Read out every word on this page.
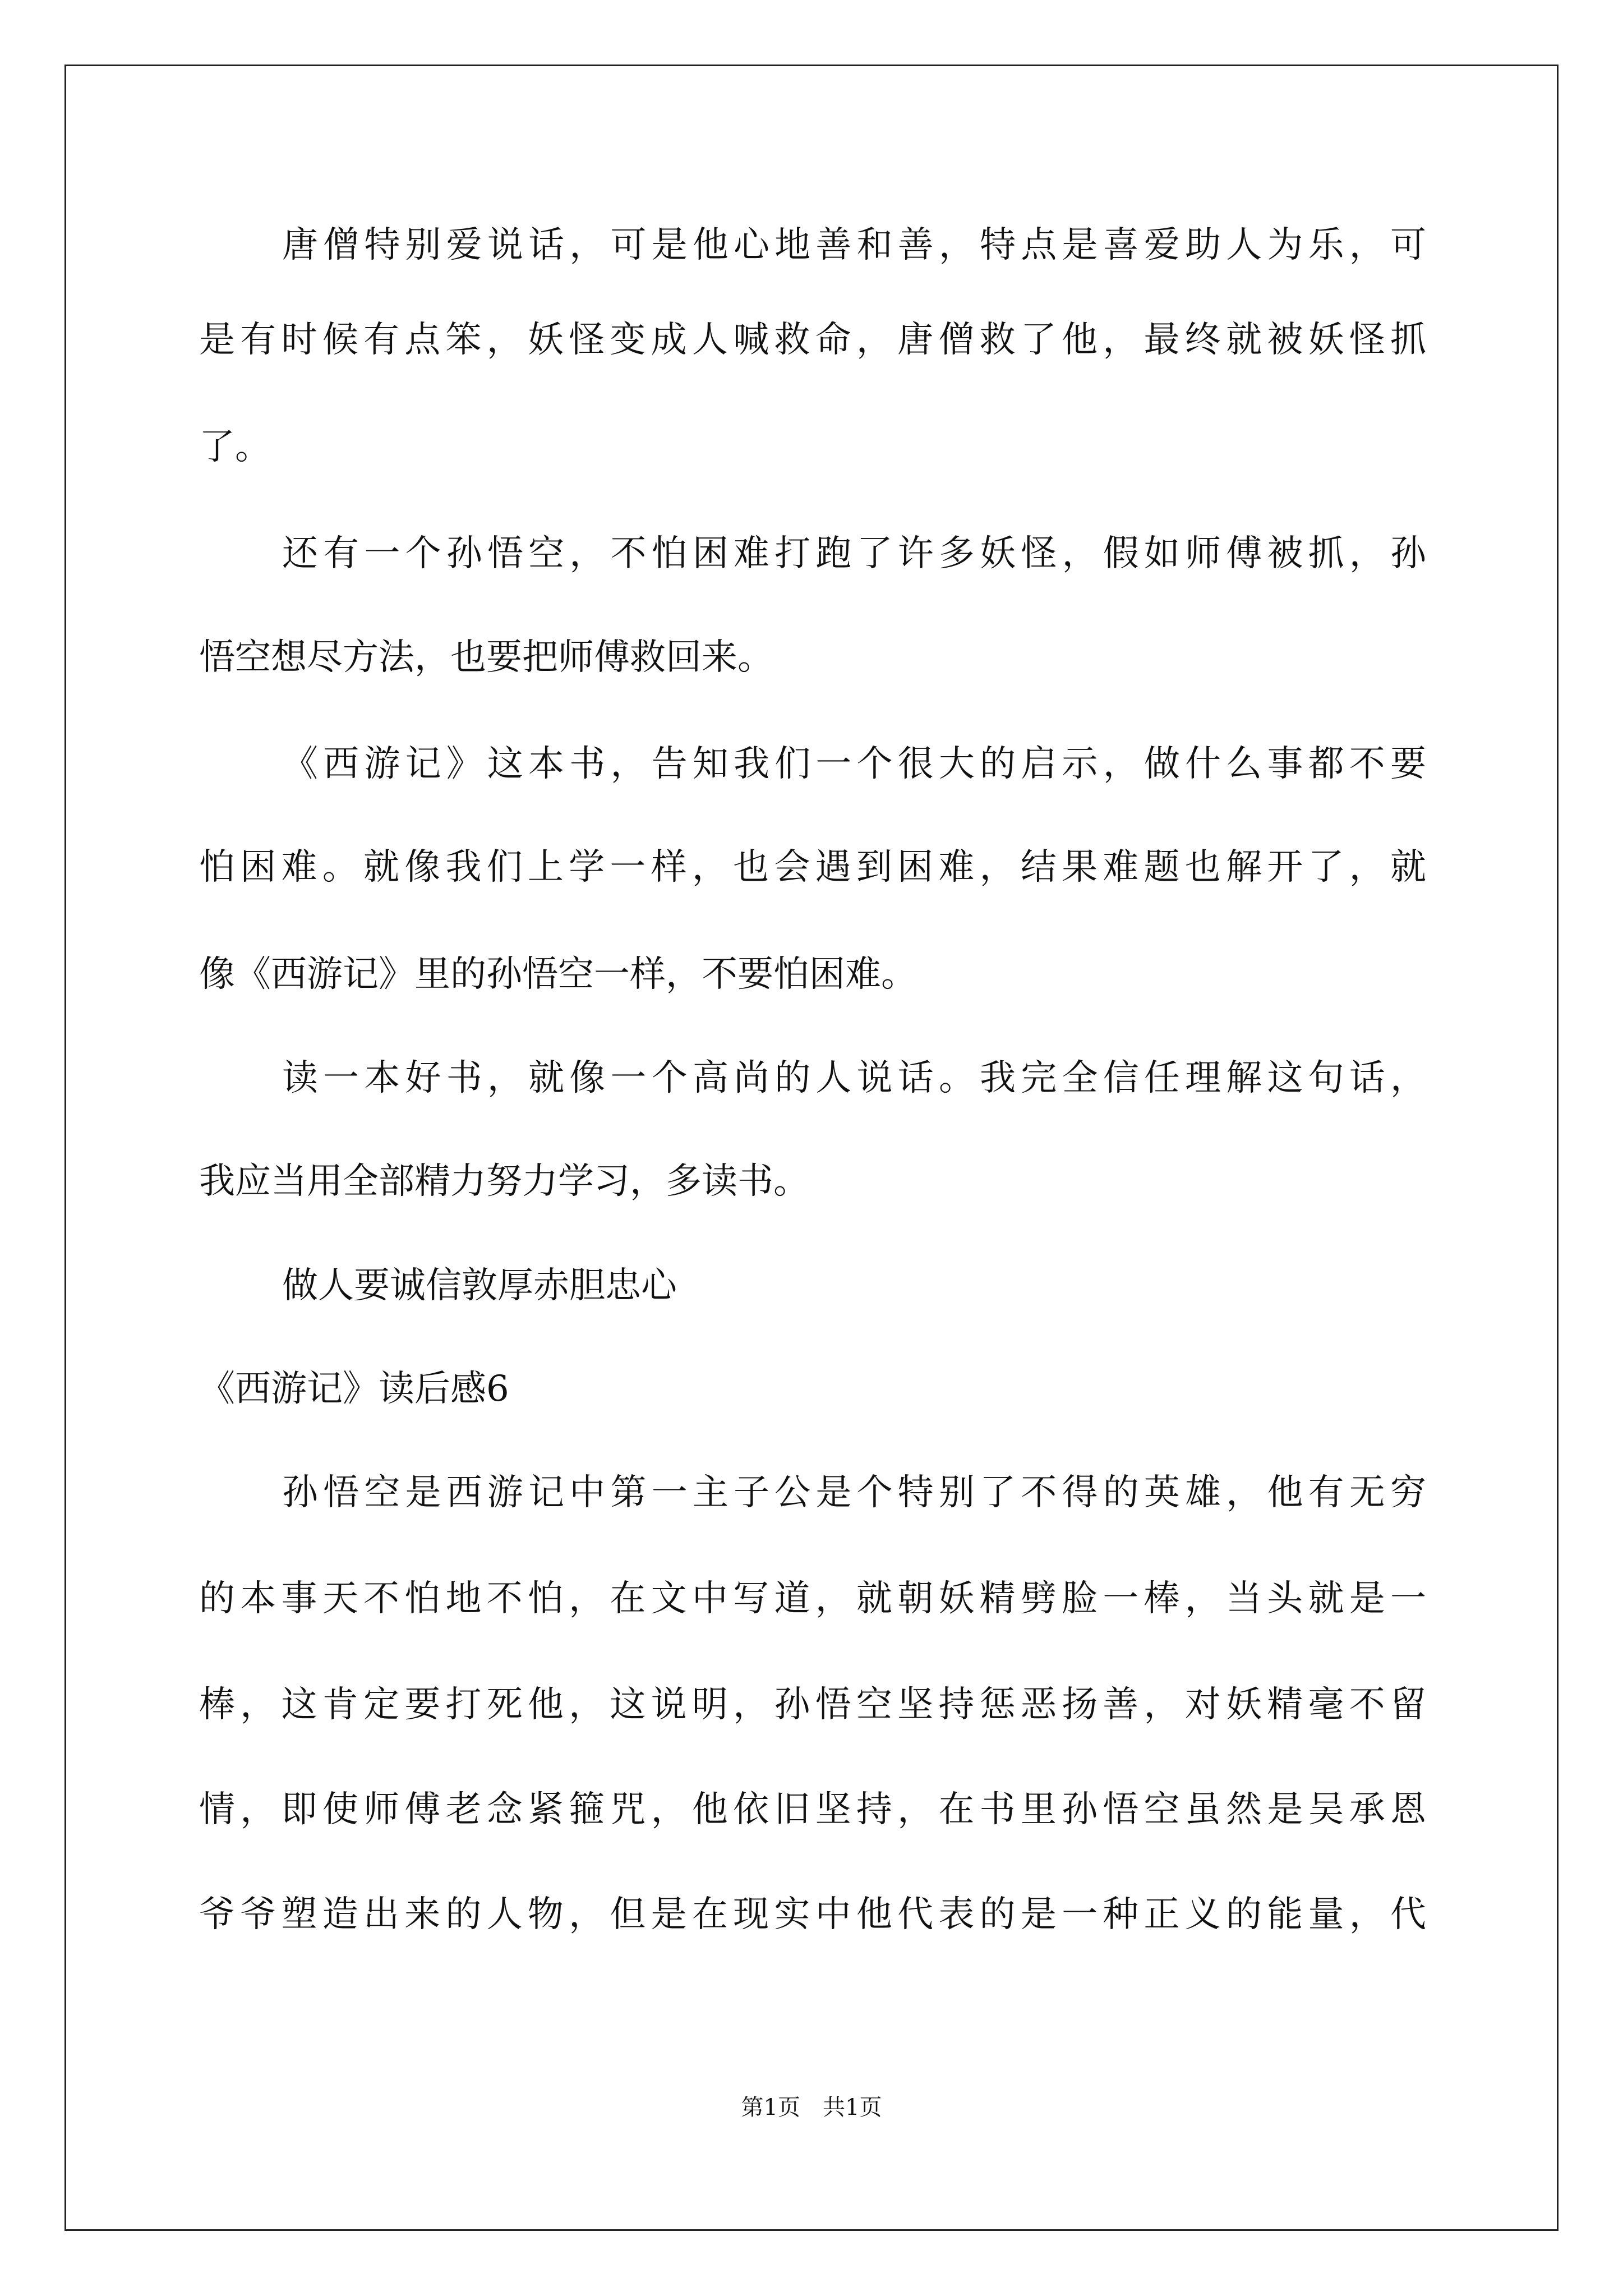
唐僧特别爱说话，可是他心地善和善，特点是喜爱助人为乐，可
是有时候有点笨，妖怪变成人喊救命，唐僧救了他，最终就被妖怪抓
了。
还有一个孙悟空，不怕困难打跑了许多妖怪，假如师傅被抓，孙
悟空想尽方法，也要把师傅救回来。
《西游记》这本书，告知我们一个很大的启示，做什么事都不要
怕困难。就像我们上学一样，也会遇到困难，结果难题也解开了，就
像《西游记》里的孙悟空一样，不要怕困难。
读一本好书，就像一个高尚的人说话。我完全信任理解这句话，
我应当用全部精力努力学习，多读书。
做人要诚信敦厚赤胆忠心
《西游记》读后感6
孙悟空是西游记中第一主子公是个特别了不得的英雄，他有无穷
的本事天不怕地不怕，在文中写道，就朝妖精劈脸一棒，当头就是一
棒，这肯定要打死他，这说明，孙悟空坚持惩恶扬善，对妖精毫不留
情，即使师傅老念紧箍咒，他依旧坚持，在书里孙悟空虽然是吴承恩
爷爷塑造出来的人物，但是在现实中他代表的是一种正义的能量，代
第1页　共1页
